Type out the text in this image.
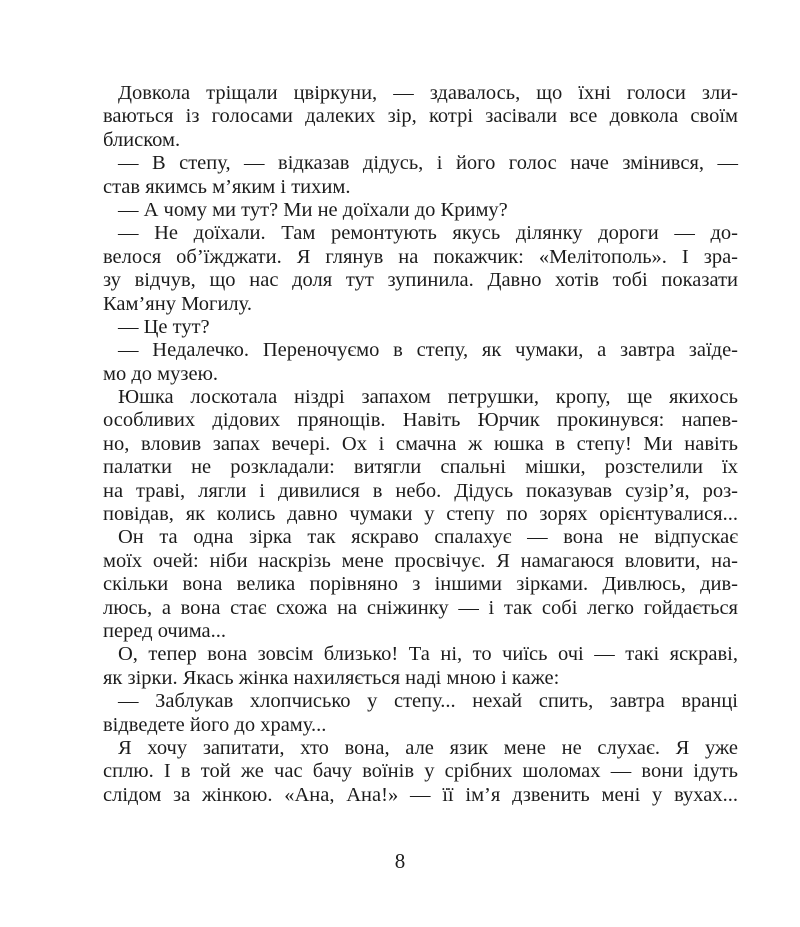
Довкола тріщали цвіркуни, — здавалось, що їхні голоси зли-
ваються із голосами далеких зір, котрі засівали все довкола своїм
блиском.
— В степу, — відказав дідусь, і його голос наче змінився, —
став якимсь м’яким і тихим.
— А чому ми тут? Ми не доїхали до Криму?
— Не доїхали. Там ремонтують якусь ділянку дороги — до-
велося об’їжджати. Я глянув на покажчик: «Мелітополь». І зра-
зу відчув, що нас доля тут зупинила. Давно хотів тобі показати
Кам’яну Могилу.
— Це тут?
— Недалечко. Переночуємо в степу, як чумаки, а завтра заїде-
мо до музею.
Юшка лоскотала ніздрі запахом петрушки, кропу, ще якихось
особливих дідових прянощів. Навіть Юрчик прокинувся: напев-
но, вловив запах вечері. Ох і смачна ж юшка в степу! Ми навіть
палатки не розкладали: витягли спальні мішки, розстелили їх
на траві, лягли і дивилися в небо. Дідусь показував сузір’я, роз-
повідав, як колись давно чумаки у степу по зорях орієнтувалися...
Он та одна зірка так яскраво спалахує — вона не відпускає
моїх очей: ніби наскрізь мене просвічує. Я намагаюся вловити, на-
скільки вона велика порівняно з іншими зірками. Дивлюсь, див-
люсь, а вона стає схожа на сніжинку — і так собі легко гойдається
перед очима...
О, тепер вона зовсім близько! Та ні, то чиїсь очі — такі яскраві,
як зірки. Якась жінка нахиляється наді мною і каже:
— Заблукав хлопчисько у степу... нехай спить, завтра вранці
відведете його до храму...
Я хочу запитати, хто вона, але язик мене не слухає. Я уже
сплю. І в той же час бачу воїнів у срібних шоломах — вони ідуть
слідом за жінкою. «Ана, Ана!» — її ім’я дзвенить мені у вухах...
8
